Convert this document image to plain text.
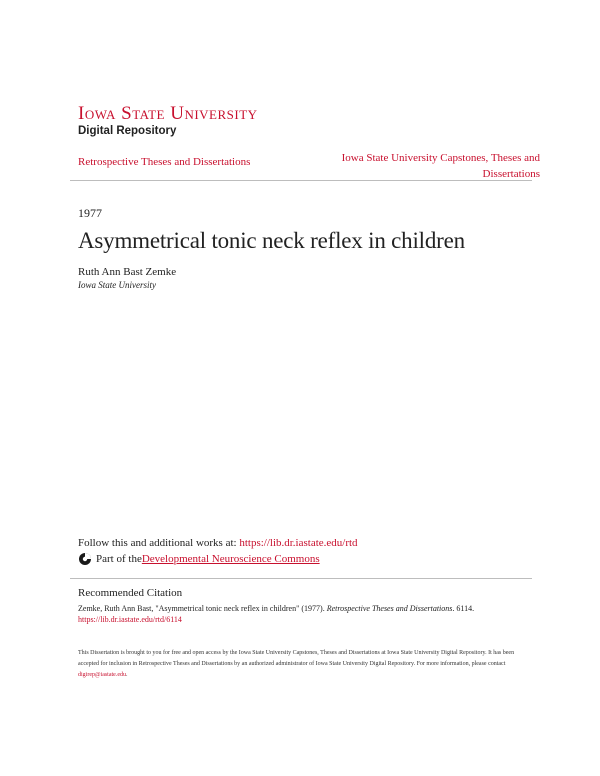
Iowa State University
Digital Repository
Retrospective Theses and Dissertations	Iowa State University Capstones, Theses and Dissertations
1977
Asymmetrical tonic neck reflex in children
Ruth Ann Bast Zemke
Iowa State University
Follow this and additional works at: https://lib.dr.iastate.edu/rtd
Part of the Developmental Neuroscience Commons
Recommended Citation
Zemke, Ruth Ann Bast, "Asymmetrical tonic neck reflex in children" (1977). Retrospective Theses and Dissertations. 6114.
https://lib.dr.iastate.edu/rtd/6114
This Dissertation is brought to you for free and open access by the Iowa State University Capstones, Theses and Dissertations at Iowa State University Digital Repository. It has been accepted for inclusion in Retrospective Theses and Dissertations by an authorized administrator of Iowa State University Digital Repository. For more information, please contact digirep@iastate.edu.
